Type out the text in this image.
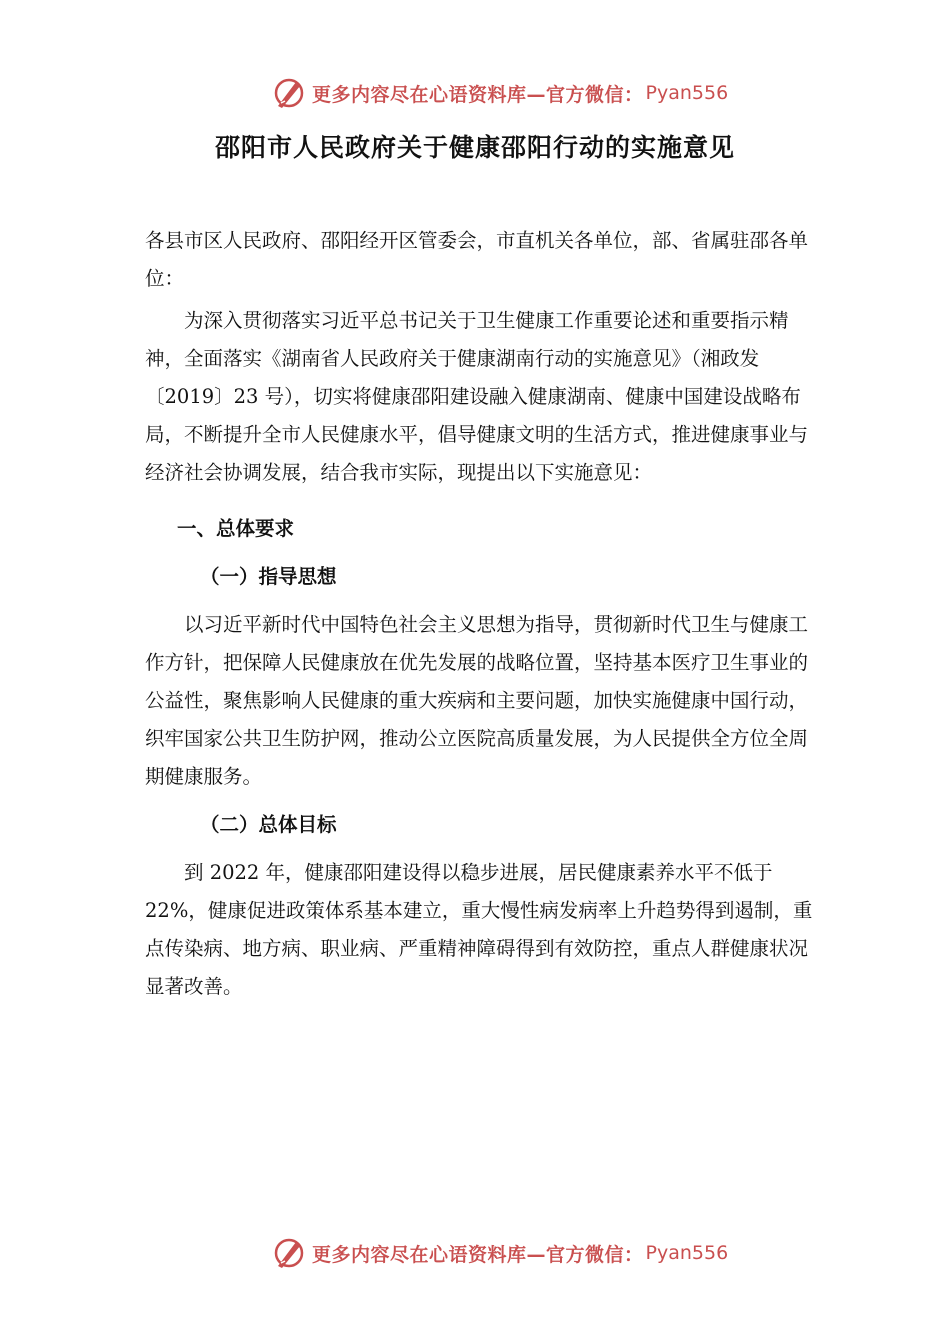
更多内容尽在心语资料库—官方微信： Pyan556
邵阳市人民政府关于健康邵阳行动的实施意见

各县市区人民政府、邵阳经开区管委会，市直机关各单位，部、省属驻邵各单位：

为深入贯彻落实习近平总书记关于卫生健康工作重要论述和重要指示精神，全面落实《湖南省人民政府关于健康湖南行动的实施意见》（湘政发〔2019〕23 号），切实将健康邵阳建设融入健康湖南、健康中国建设战略布局，不断提升全市人民健康水平，倡导健康文明的生活方式，推进健康事业与经济社会协调发展，结合我市实际，现提出以下实施意见：

一、总体要求

（一）指导思想

以习近平新时代中国特色社会主义思想为指导，贯彻新时代卫生与健康工作方针，把保障人民健康放在优先发展的战略位置，坚持基本医疗卫生事业的公益性，聚焦影响人民健康的重大疾病和主要问题，加快实施健康中国行动，织牢国家公共卫生防护网，推动公立医院高质量发展，为人民提供全方位全周期健康服务。

（二）总体目标

到 2022 年，健康邵阳建设得以稳步进展，居民健康素养水平不低于 22%，健康促进政策体系基本建立，重大慢性病发病率上升趋势得到遏制，重点传染病、地方病、职业病、严重精神障碍得到有效防控，重点人群健康状况显著改善。

更多内容尽在心语资料库—官方微信： Pyan556
